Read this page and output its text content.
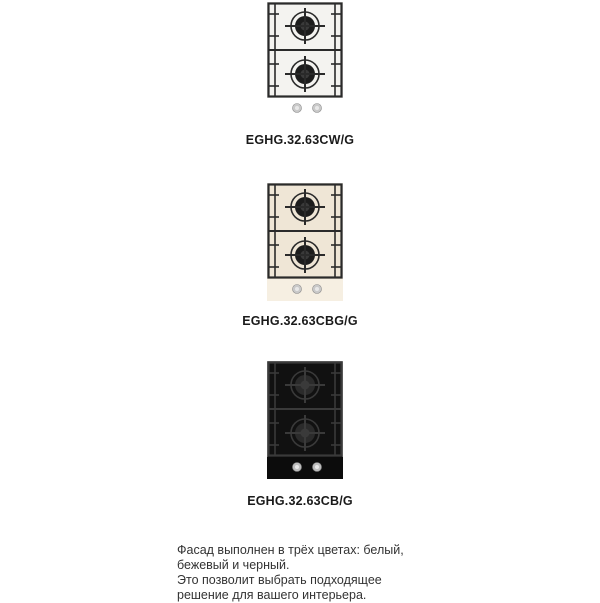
EGHG.32.63CW/G
EGHG.32.63CBG/G
EGHG.32.63CB/G

Фасад выполнен в трёх цветах: белый,

бежевый и черный.

Это позволит выбрать подходящее

решение для вашего интерьера.
